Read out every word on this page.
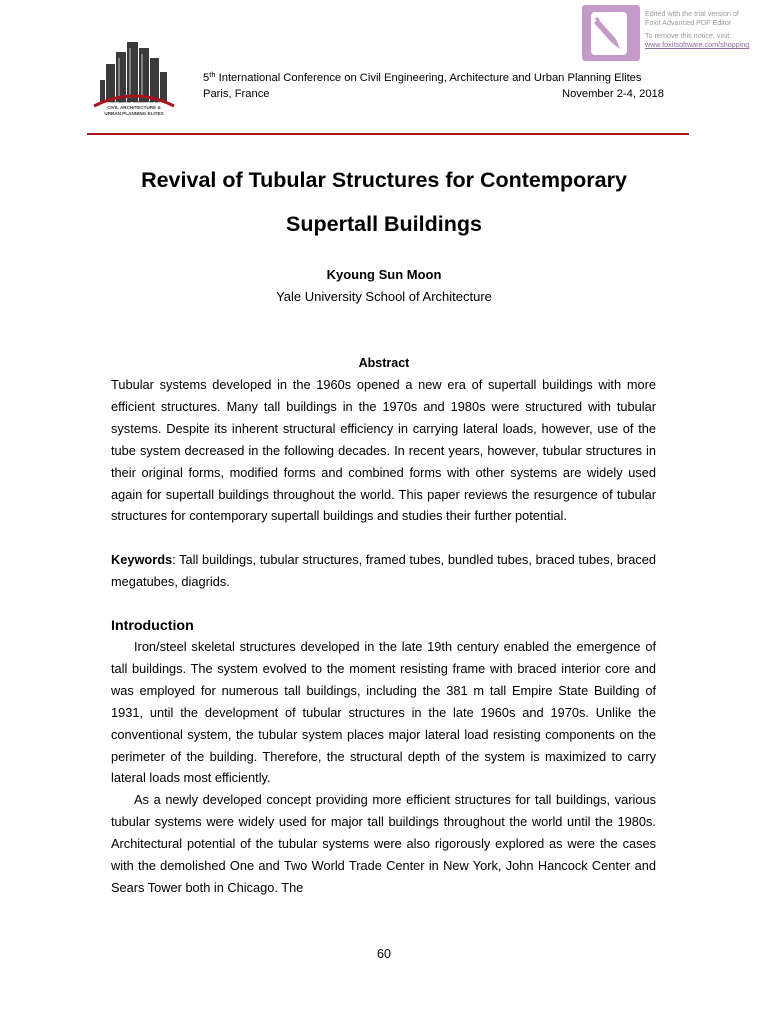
Edited with the trial version of
Foxit Advanced PDF Editor
To remove this notice, visit:
www.foxitsoftware.com/shopping
International Conference on
CIVIL ARCHITECTURE &
URBAN PLANNING ELITES
5th International Conference on Civil Engineering, Architecture and Urban Planning Elites
Paris, France	November 2-4, 2018
Revival of Tubular Structures for Contemporary
Supertall Buildings
Kyoung Sun Moon
Yale University School of Architecture
Abstract
Tubular systems developed in the 1960s opened a new era of supertall buildings with more efficient structures. Many tall buildings in the 1970s and 1980s were structured with tubular systems. Despite its inherent structural efficiency in carrying lateral loads, however, use of the tube system decreased in the following decades. In recent years, however, tubular structures in their original forms, modified forms and combined forms with other systems are widely used again for supertall buildings throughout the world. This paper reviews the resurgence of tubular structures for contemporary supertall buildings and studies their further potential.
Keywords: Tall buildings, tubular structures, framed tubes, bundled tubes, braced tubes, braced megatubes, diagrids.
Introduction
Iron/steel skeletal structures developed in the late 19th century enabled the emergence of tall buildings. The system evolved to the moment resisting frame with braced interior core and was employed for numerous tall buildings, including the 381 m tall Empire State Building of 1931, until the development of tubular structures in the late 1960s and 1970s. Unlike the conventional system, the tubular system places major lateral load resisting components on the perimeter of the building. Therefore, the structural depth of the system is maximized to carry lateral loads most efficiently.
As a newly developed concept providing more efficient structures for tall buildings, various tubular systems were widely used for major tall buildings throughout the world until the 1980s. Architectural potential of the tubular systems were also rigorously explored as were the cases with the demolished One and Two World Trade Center in New York, John Hancock Center and Sears Tower both in Chicago. The
60
